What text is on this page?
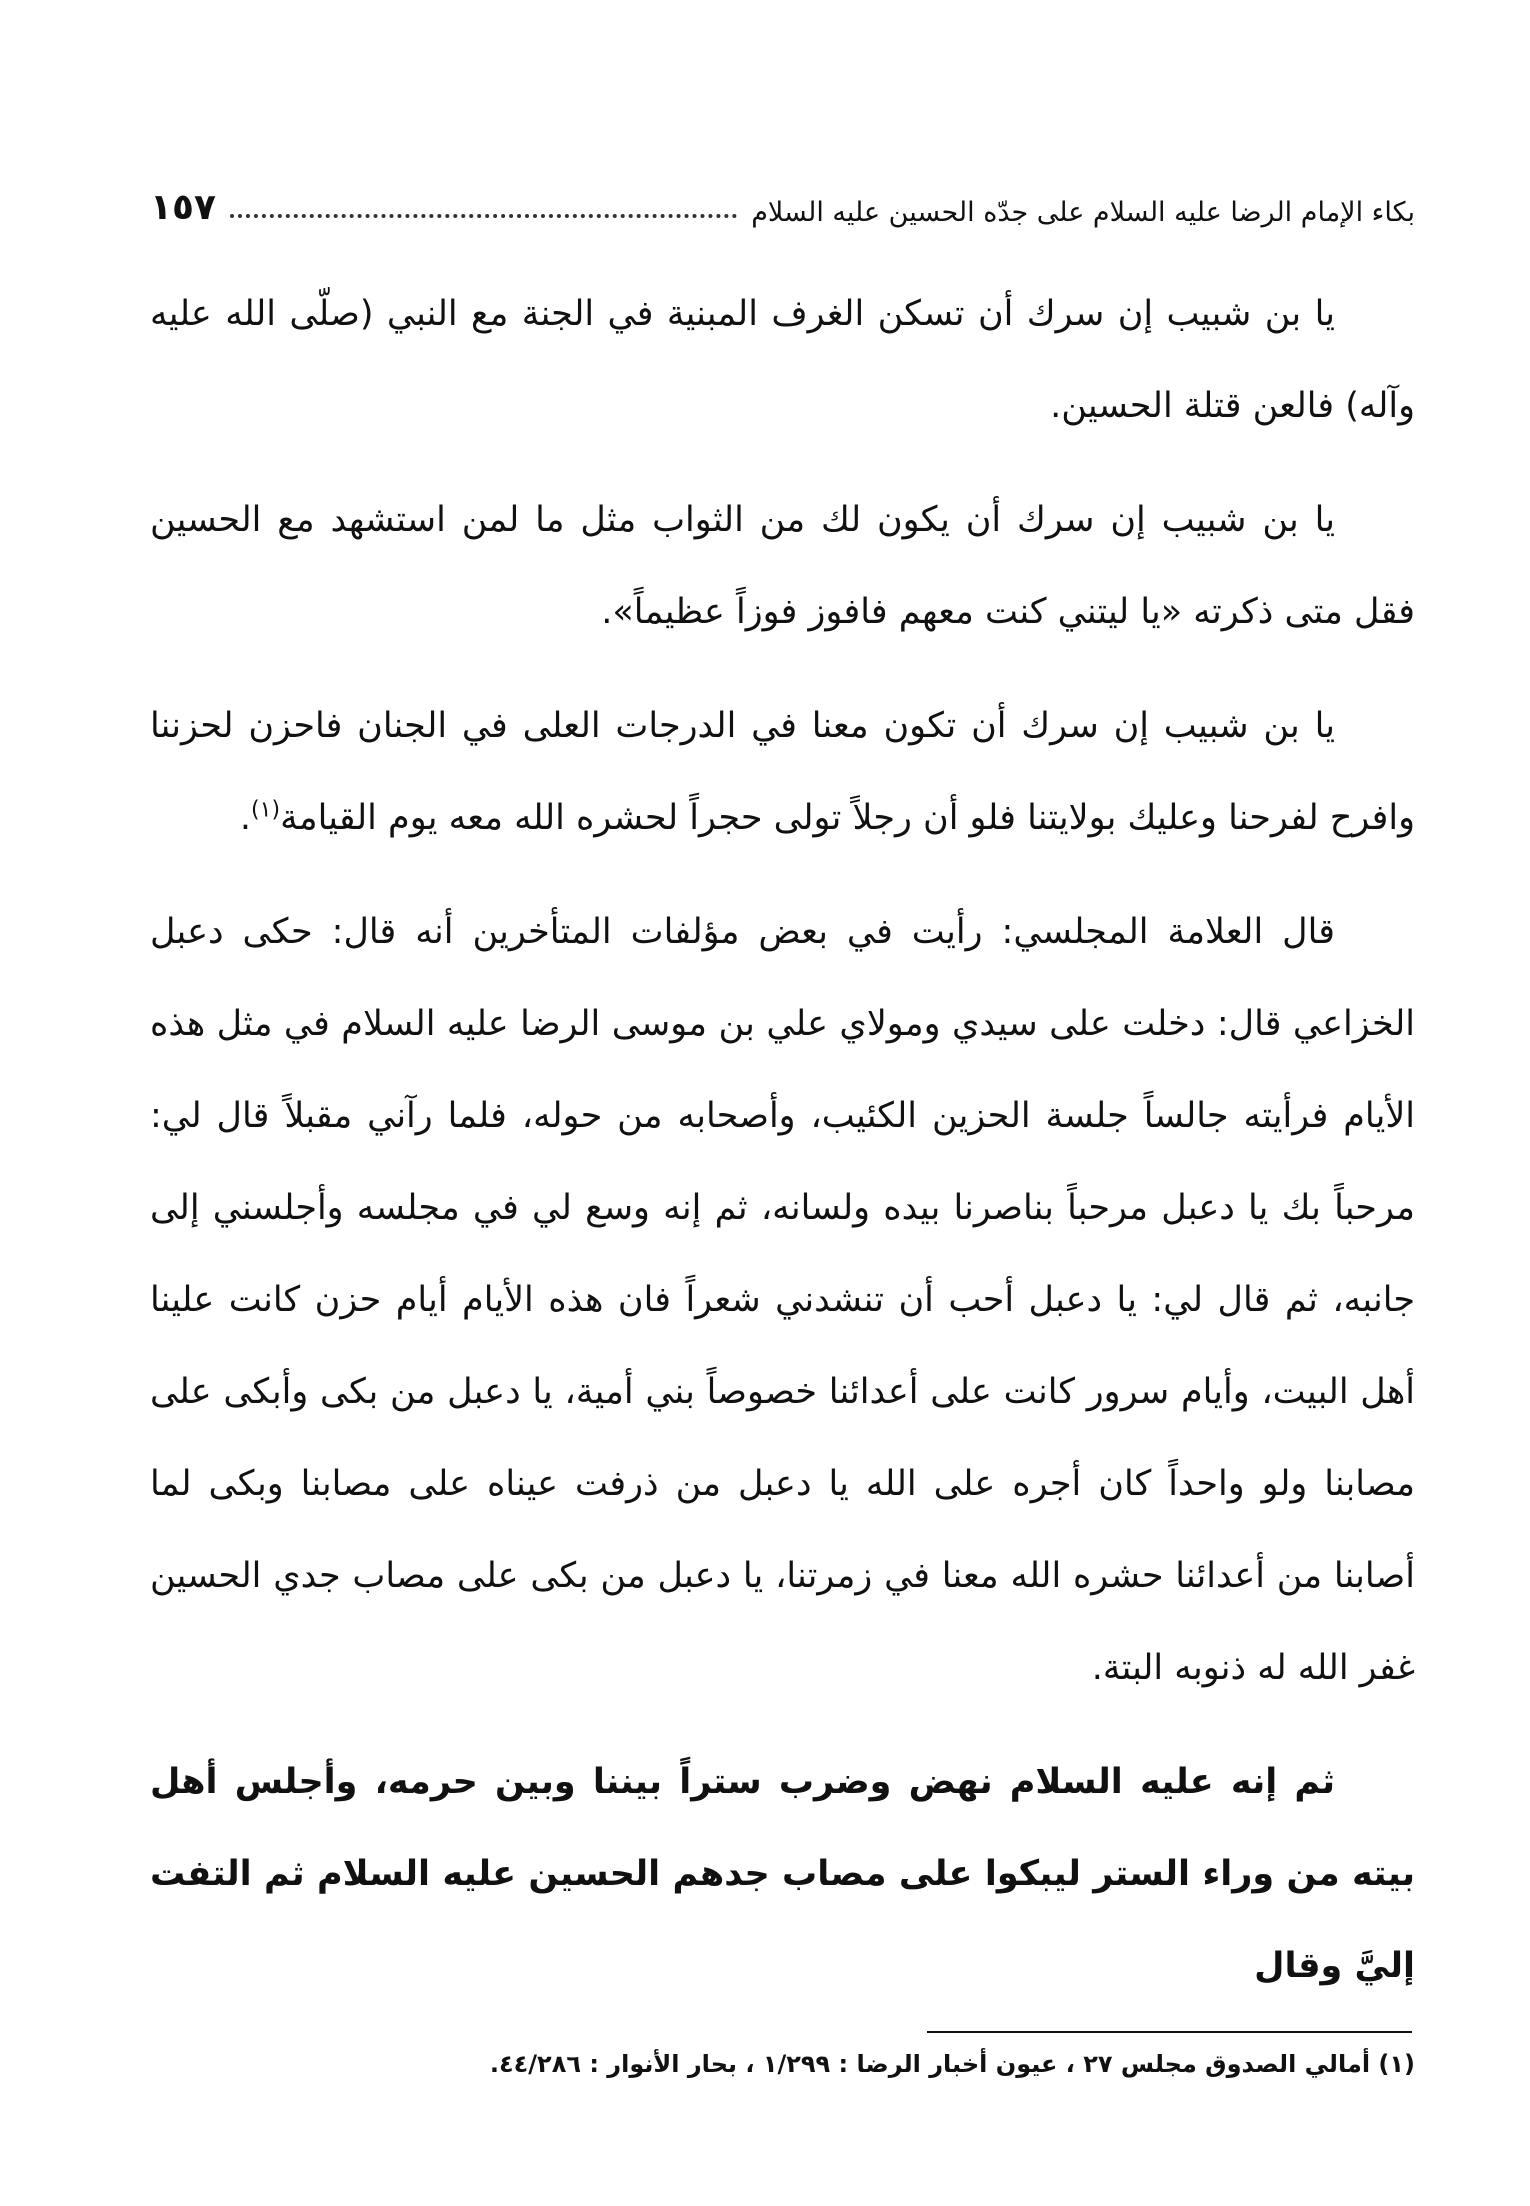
بكاء الإمام الرضا عليه السلام على جدّه الحسين عليه السلام
١٥٧

يا بن شبيب إن سرك أن تسكن الغرف المبنية في الجنة مع النبي (صلّى الله عليه وآله) فالعن قتلة الحسين.

يا بن شبيب إن سرك أن يكون لك من الثواب مثل ما لمن استشهد مع الحسين فقل متى ذكرته «يا ليتني كنت معهم فافوز فوزاً عظيماً».

يا بن شبيب إن سرك أن تكون معنا في الدرجات العلى في الجنان فاحزن لحزننا وافرح لفرحنا وعليك بولايتنا فلو أن رجلاً تولى حجراً لحشره الله معه يوم القيامة$^{(١)}$.

قال العلامة المجلسي: رأيت في بعض مؤلفات المتأخرين أنه قال: حكى دعبل الخزاعي قال: دخلت على سيدي ومولاي علي بن موسى الرضا عليه السلام في مثل هذه الأيام فرأيته جالساً جلسة الحزين الكئيب، وأصحابه من حوله، فلما رآني مقبلاً قال لي: مرحباً بك يا دعبل مرحباً بناصرنا بيده ولسانه، ثم إنه وسع لي في مجلسه وأجلسني إلى جانبه، ثم قال لي: يا دعبل أحب أن تنشدني شعراً فان هذه الأيام أيام حزن كانت علينا أهل البيت، وأيام سرور كانت على أعدائنا خصوصاً بني أمية، يا دعبل من بكى وأبكى على مصابنا ولو واحداً كان أجره على الله يا دعبل من ذرفت عيناه على مصابنا وبكى لما أصابنا من أعدائنا حشره الله معنا في زمرتنا، يا دعبل من بكى على مصاب جدي الحسين غفر الله له ذنوبه البتة.

ثم إنه عليه السلام نهض وضرب ستراً بيننا وبين حرمه، وأجلس أهل بيته من وراء الستر ليبكوا على مصاب جدهم الحسين عليه السلام ثم التفت إليَّ وقال

(١) أمالي الصدوق مجلس ٢٧ ، عيون أخبار الرضا : ١/٢٩٩ ، بحار الأنوار : ٤٤/٢٨٦.
